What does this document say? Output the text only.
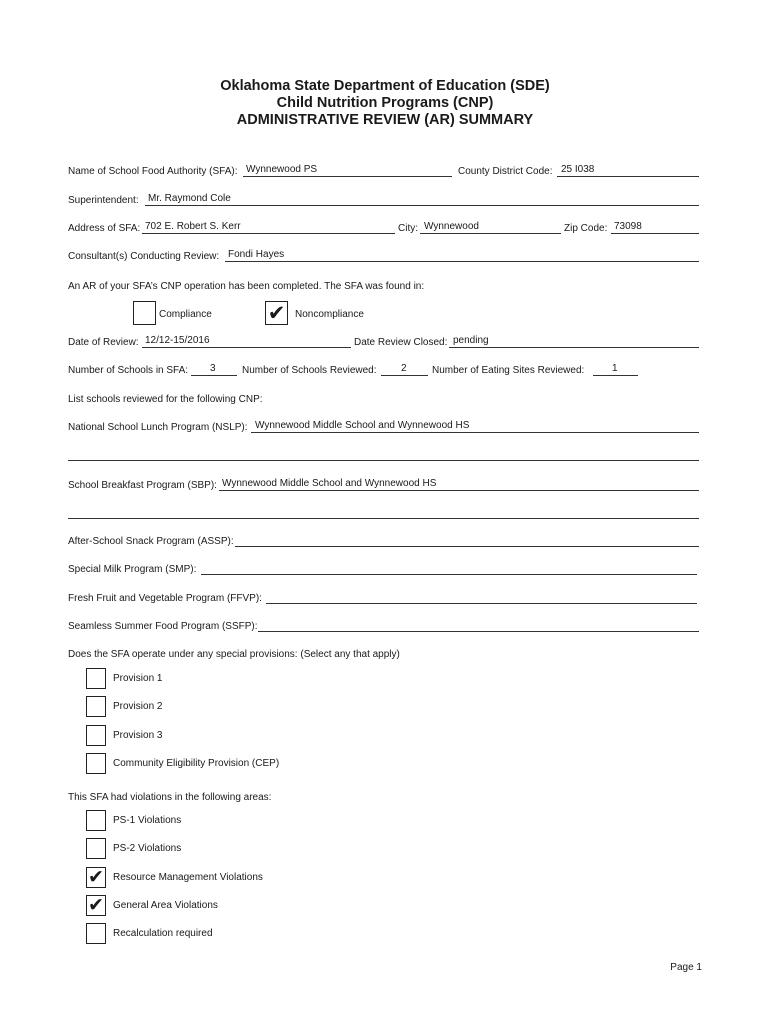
Oklahoma State Department of Education (SDE)
Child Nutrition Programs (CNP)
ADMINISTRATIVE REVIEW (AR) SUMMARY
Name of School Food Authority (SFA): Wynnewood PS	County District Code: 25 I038
Superintendent: Mr. Raymond Cole
Address of SFA: 702 E. Robert S. Kerr	City: Wynnewood	Zip Code: 73098
Consultant(s) Conducting Review: Fondi Hayes
An AR of your SFA’s CNP operation has been completed. The SFA was found in:
Compliance	✔ Noncompliance
Date of Review: 12/12-15/2016	Date Review Closed: pending
Number of Schools in SFA: 3	Number of Schools Reviewed: 2	Number of Eating Sites Reviewed:	1
List schools reviewed for the following CNP:
National School Lunch Program (NSLP): Wynnewood Middle School and Wynnewood HS
School Breakfast Program (SBP): Wynnewood Middle School and Wynnewood HS
After-School Snack Program (ASSP):
Special Milk Program (SMP):
Fresh Fruit and Vegetable Program (FFVP):
Seamless Summer Food Program (SSFP):
Does the SFA operate under any special provisions: (Select any that apply)
Provision 1
Provision 2
Provision 3
Community Eligibility Provision (CEP)
This SFA had violations in the following areas:
PS-1 Violations
PS-2 Violations
✔ Resource Management Violations
✔ General Area Violations
Recalculation required
Page 1
